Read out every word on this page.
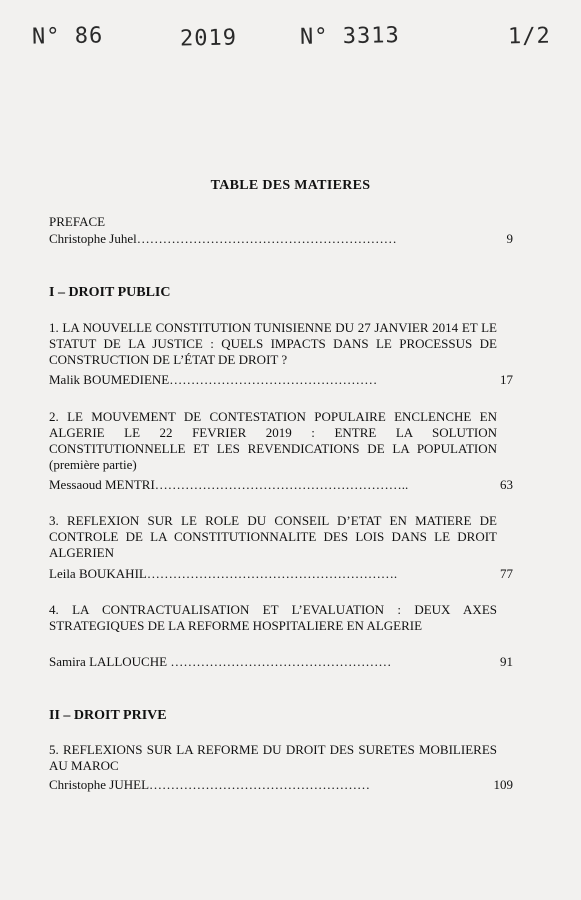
N° 86	2019	N° 3313	1/2
TABLE DES MATIERES
PREFACE
Christophe Juhel……………………………………………………	9
I – DROIT PUBLIC
1. LA NOUVELLE CONSTITUTION TUNISIENNE DU 27 JANVIER 2014 ET LE STATUT DE LA JUSTICE : QUELS IMPACTS DANS LE PROCESSUS DE CONSTRUCTION DE L’ÉTAT DE DROIT ?
Malik BOUMEDIENE…………………………………………	17
2. LE MOUVEMENT DE CONTESTATION POPULAIRE ENCLENCHE EN ALGERIE LE 22 FEVRIER 2019 : ENTRE LA SOLUTION CONSTITUTIONNELLE ET LES REVENDICATIONS DE LA POPULATION (première partie)
Messaoud MENTRI…………………………………………………..	63
3. REFLEXION SUR LE ROLE DU CONSEIL D’ETAT EN MATIERE DE CONTROLE DE LA CONSTITUTIONNALITE DES LOIS DANS LE DROIT ALGERIEN
Leila BOUKAHIL………………………………………………….	77
4. LA CONTRACTUALISATION ET L’EVALUATION : DEUX AXES STRATEGIQUES DE LA REFORME HOSPITALIERE EN ALGERIE
Samira LALLOUCHE ……………………………………………	91
II – DROIT PRIVE
5. REFLEXIONS SUR LA REFORME DU DROIT DES SURETES MOBILIERES AU MAROC
Christophe JUHEL……………………………………………	109
